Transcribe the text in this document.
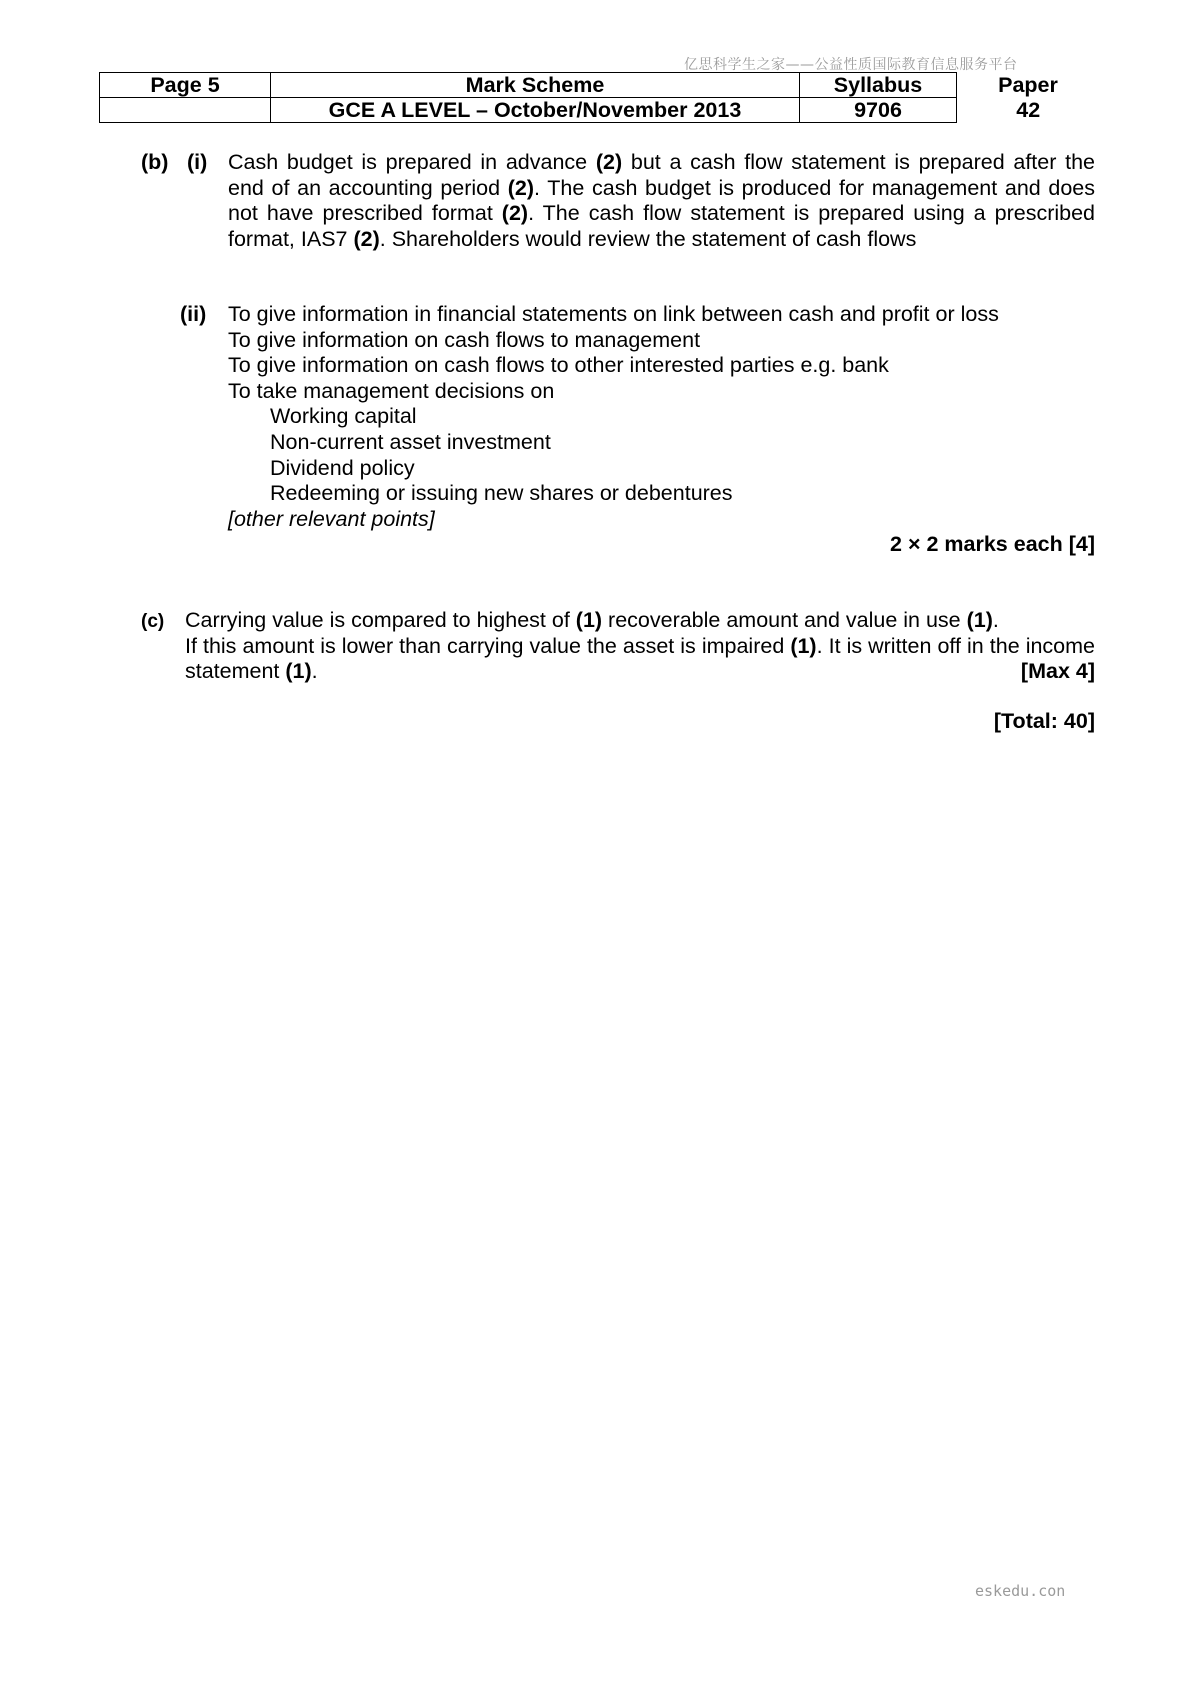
亿思科学生之家——公益性质国际教育信息服务平台
Page 5	Mark Scheme	Syllabus	Paper
	GCE A LEVEL – October/November 2013	9706	42
(b) (i) Cash budget is prepared in advance (2) but a cash flow statement is prepared after the end of an accounting period (2). The cash budget is produced for management and does not have prescribed format (2). The cash flow statement is prepared using a prescribed format, IAS7 (2). Shareholders would review the statement of cash flows
(ii) To give information in financial statements on link between cash and profit or loss
To give information on cash flows to management
To give information on cash flows to other interested parties e.g. bank
To take management decisions on
Working capital
Non-current asset investment
Dividend policy
Redeeming or issuing new shares or debentures
[other relevant points]
2 × 2 marks each [4]
(c) Carrying value is compared to highest of (1) recoverable amount and value in use (1).
If this amount is lower than carrying value the asset is impaired (1). It is written off in the income statement (1).	[Max 4]
[Total: 40]
eskedu.con
